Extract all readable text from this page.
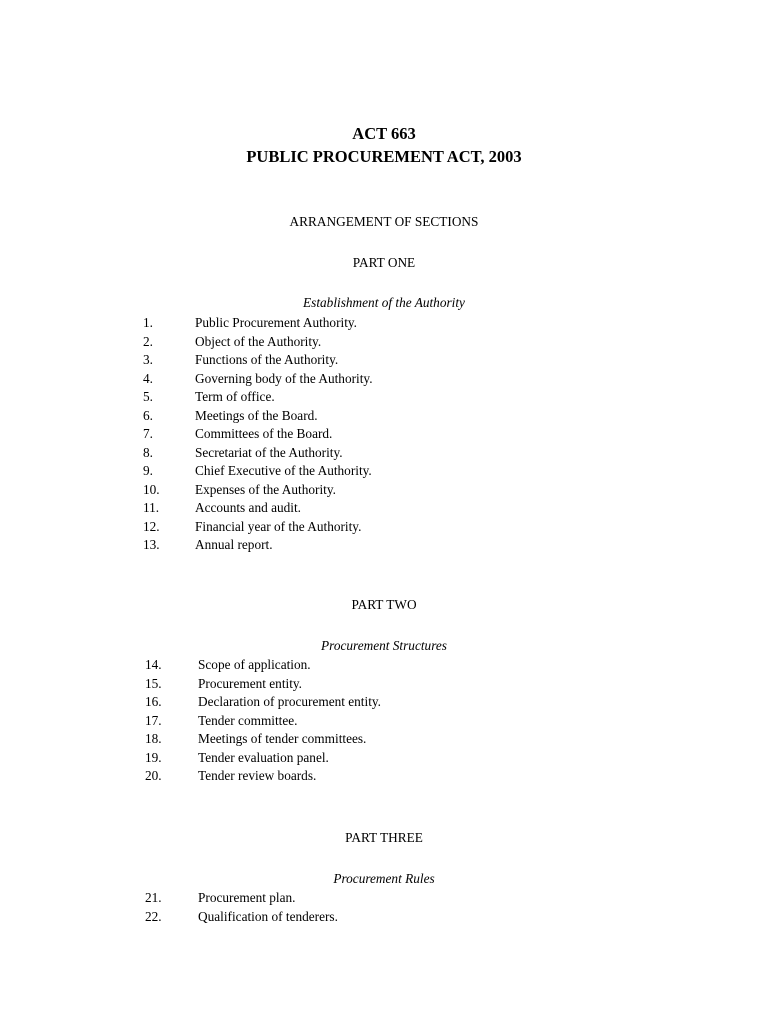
ACT 663
PUBLIC PROCUREMENT ACT, 2003

ARRANGEMENT OF SECTIONS

PART ONE

Establishment of the Authority

1.	Public Procurement Authority.
2.	Object of the Authority.
3.	Functions of the Authority.
4.	Governing body of the Authority.
5.	Term of office.
6.	Meetings of the Board.
7.	Committees of the Board.
8.	Secretariat of the Authority.
9.	Chief Executive of the Authority.
10.	Expenses of the Authority.
11.	Accounts and audit.
12.	Financial year of the Authority.
13.	Annual report.

PART TWO

Procurement Structures

14.	Scope of application.
15.	Procurement entity.
16.	Declaration of procurement entity.
17.	Tender committee.
18.	Meetings of tender committees.
19.	Tender evaluation panel.
20.	Tender review boards.

PART THREE

Procurement Rules

21.	Procurement plan.
22.	Qualification of tenderers.
